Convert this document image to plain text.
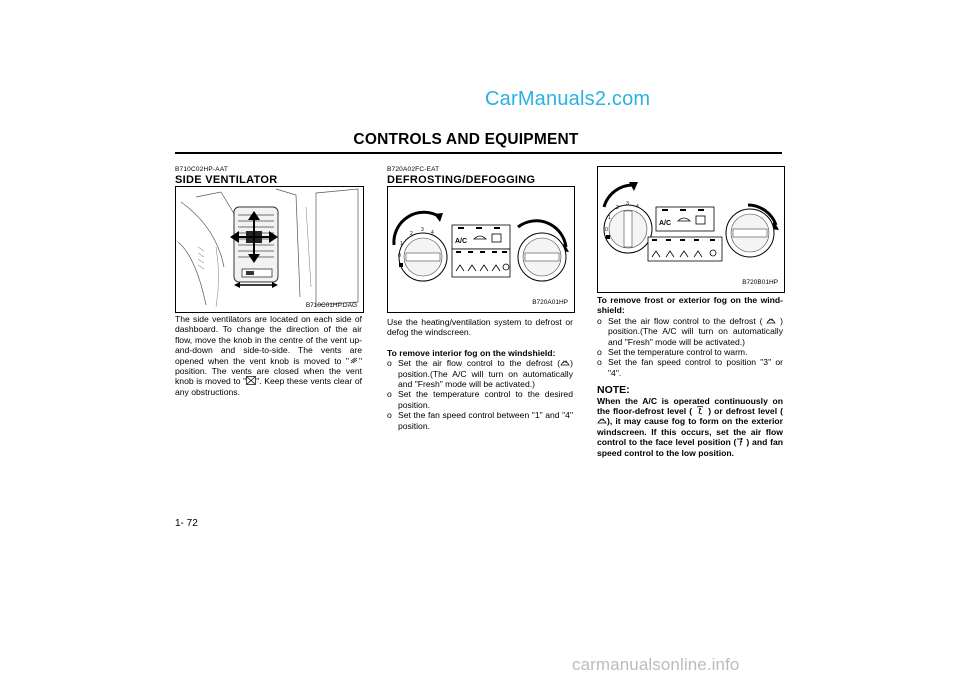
CarManuals2.com
CONTROLS AND EQUIPMENT
B710C02HP-AAT
SIDE VENTILATOR
B710C01HP.DAG
The side ventilators are located on each side of dashboard. To change the direction of the air flow, move the knob in the centre of the vent up-and-down and side-to-side. The vents are opened when the vent knob is moved to " " position. The vents are closed when the vent knob is moved to " ". Keep these vents clear of any obstructions.
B720A02FC-EAT
DEFROSTING/DEFOGGING
1
2
3 4
0
A/C
B720A01HP

Use the heating/ventilation system to defrost or defog the windscreen.

To remove interior fog on the windshield:

o Set the air flow control to the defrost ( ) position.(The A/C will turn on automatically and "Fresh" mode will be activated.)
o Set the temperature control to the desired position.
o Set the fan speed control between "1" and "4" position.
1
2
3 4
0
A/C
B720B01HP

To remove frost or exterior fog on the wind-shield:

o Set the air flow control to the defrost (  ) position.(The A/C will turn on automatically and "Fresh" mode will be activated.)
o Set the temperature control to warm.
o Set the fan speed control to position "3" or "4".
NOTE:
When the A/C is operated continuously on the floor-defrost level (  ) or defrost level (), it may cause fog to form on the exterior windscreen. If this occurs, set the air flow control to the face level position ( ) and fan speed control to the low position.
1- 72
carmanualsonline.info
